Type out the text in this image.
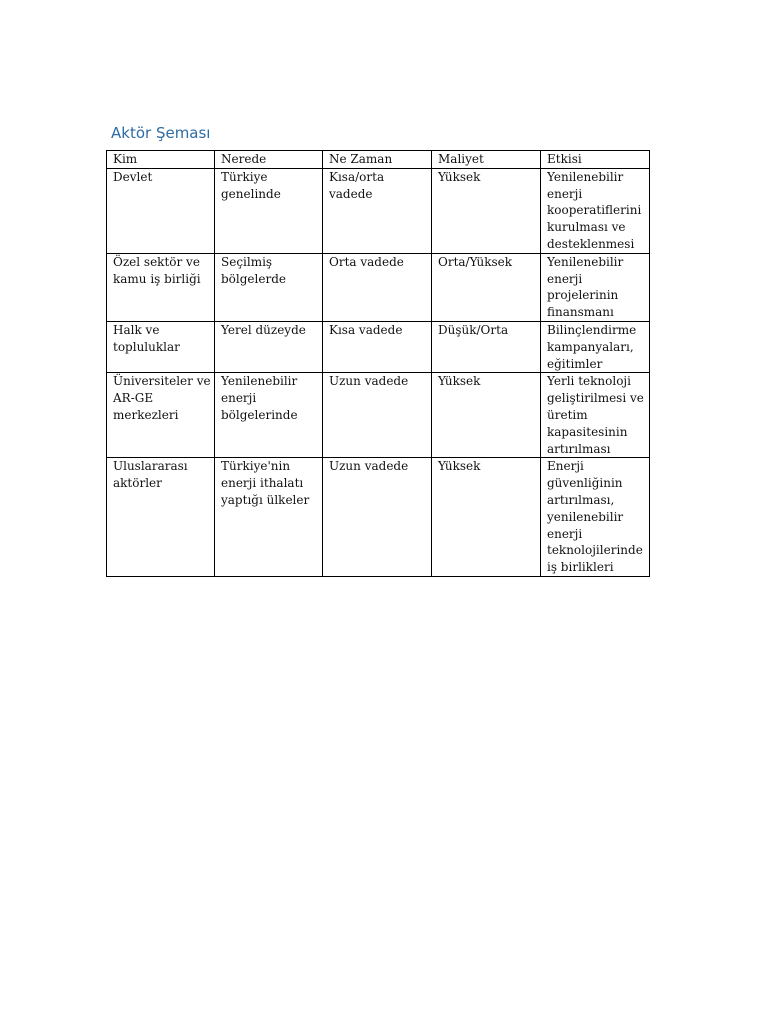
Aktör Şeması
Kim	Nerede	Ne Zaman	Maliyet	Etkisi
Devlet	Türkiye genelinde	Kısa/orta vadede	Yüksek	Yenilenebilir enerji kooperatiflerini kurulması ve desteklenmesi
Özel sektör ve kamu iş birliği	Seçilmiş bölgelerde	Orta vadede	Orta/Yüksek	Yenilenebilir enerji projelerinin finansmanı
Halk ve topluluklar	Yerel düzeyde	Kısa vadede	Düşük/Orta	Bilinçlendirme kampanyaları, eğitimler
Üniversiteler ve AR-GE merkezleri	Yenilenebilir enerji bölgelerinde	Uzun vadede	Yüksek	Yerli teknoloji geliştirilmesi ve üretim kapasitesinin artırılması
Uluslararası aktörler	Türkiye'nin enerji ithalatı yaptığı ülkeler	Uzun vadede	Yüksek	Enerji güvenliğinin artırılması, yenilenebilir enerji teknolojilerinde iş birlikleri
